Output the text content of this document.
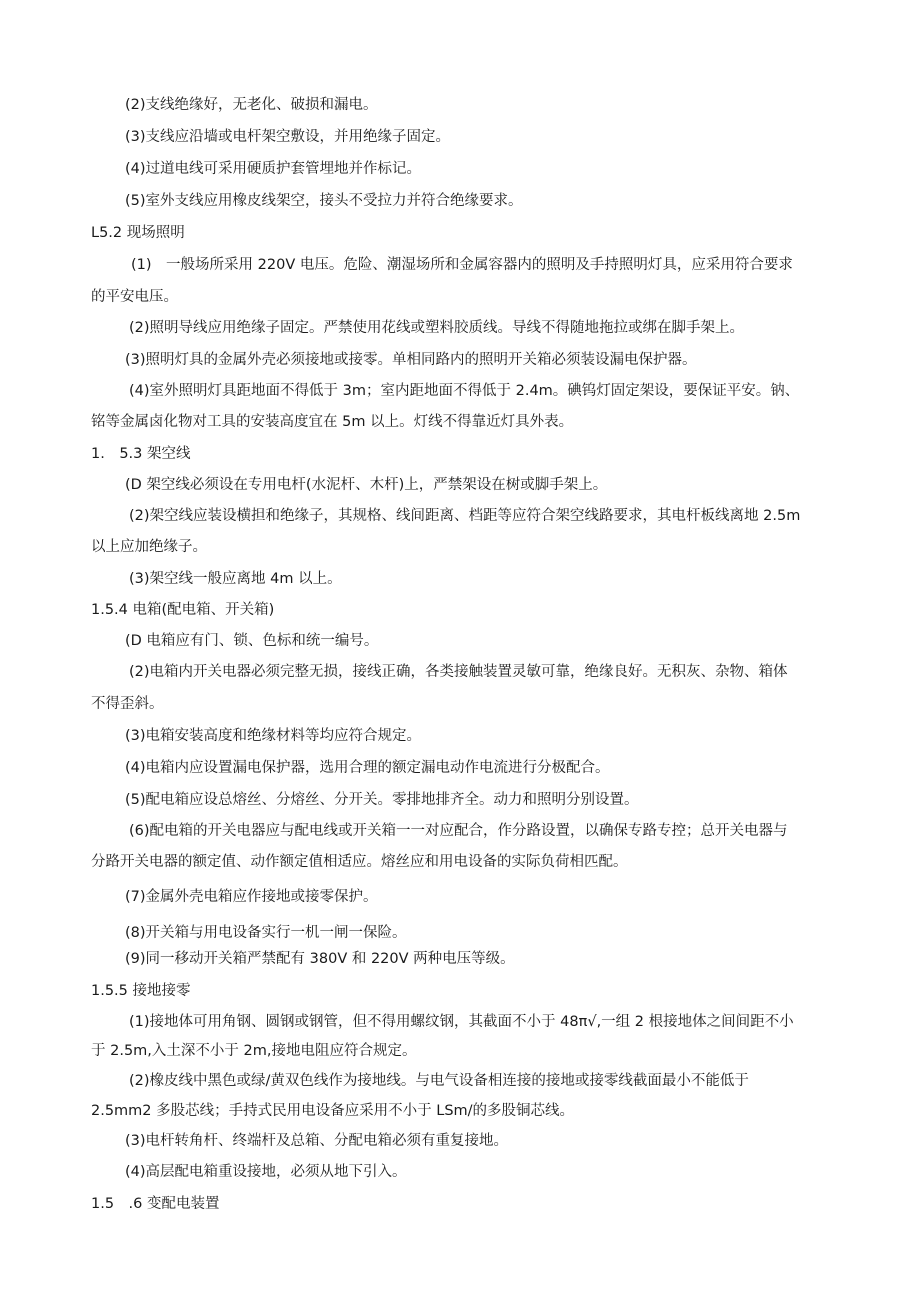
(2)支线绝缘好，无老化、破损和漏电。
(3)支线应沿墙或电杆架空敷设，并用绝缘子固定。
(4)过道电线可采用硬质护套管埋地并作标记。
(5)室外支线应用橡皮线架空，接头不受拉力并符合绝缘要求。
L5.2 现场照明
(1)　一般场所采用 220V 电压。危险、潮湿场所和金属容器内的照明及手持照明灯具，应采用符合要求
的平安电压。
(2)照明导线应用绝缘子固定。严禁使用花线或塑料胶质线。导线不得随地拖拉或绑在脚手架上。
(3)照明灯具的金属外壳必须接地或接零。单相同路内的照明开关箱必须装设漏电保护器。
(4)室外照明灯具距地面不得低于 3m；室内距地面不得低于 2.4m。碘钨灯固定架设，要保证平安。钠、
铭等金属卤化物对工具的安装高度宜在 5m 以上。灯线不得靠近灯具外表。
1.　5.3 架空线
(D 架空线必须设在专用电杆(水泥杆、木杆)上，严禁架设在树或脚手架上。
(2)架空线应装设横担和绝缘子，其规格、线间距离、档距等应符合架空线路要求，其电杆板线离地 2.5m
以上应加绝缘子。
(3)架空线一般应离地 4m 以上。
1.5.4 电箱(配电箱、开关箱)
(D 电箱应有门、锁、色标和统一编号。
(2)电箱内开关电器必须完整无损，接线正确，各类接触装置灵敏可靠，绝缘良好。无积灰、杂物、箱体
不得歪斜。
(3)电箱安装高度和绝缘材料等均应符合规定。
(4)电箱内应设置漏电保护器，选用合理的额定漏电动作电流进行分极配合。
(5)配电箱应设总熔丝、分熔丝、分开关。零排地排齐全。动力和照明分别设置。
(6)配电箱的开关电器应与配电线或开关箱一一对应配合，作分路设置，以确保专路专控；总开关电器与
分路开关电器的额定值、动作额定值相适应。熔丝应和用电设备的实际负荷相匹配。
(7)金属外壳电箱应作接地或接零保护。
(8)开关箱与用电设备实行一机一闸一保险。
(9)同一移动开关箱严禁配有 380V 和 220V 两种电压等级。
1.5.5 接地接零
(1)接地体可用角钢、圆钢或钢管，但不得用螺纹钢，其截面不小于 48π√,一组 2 根接地体之间间距不小
于 2.5m,入土深不小于 2m,接地电阻应符合规定。
(2)橡皮线中黑色或绿/黄双色线作为接地线。与电气设备相连接的接地或接零线截面最小不能低于
2.5mm2 多股芯线；手持式民用电设备应采用不小于 LSm/的多股铜芯线。
(3)电杆转角杆、终端杆及总箱、分配电箱必须有重复接地。
(4)高层配电箱重设接地，必须从地下引入。
1.5　.6 变配电装置
